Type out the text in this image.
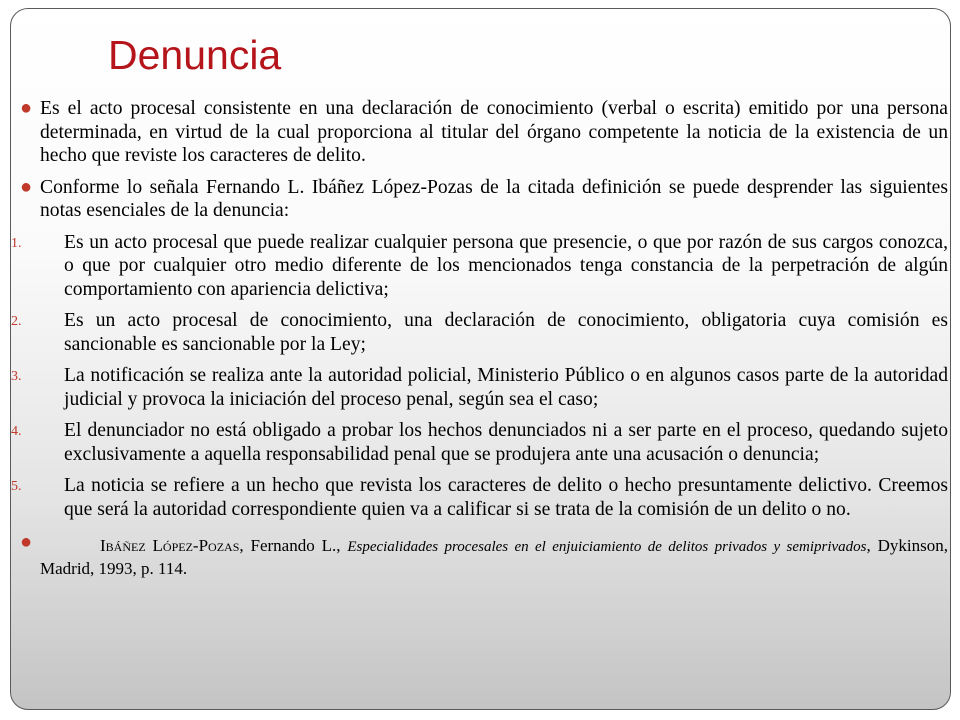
Denuncia
● Es el acto procesal consistente en una declaración de conocimiento (verbal o escrita) emitido por una persona determinada, en virtud de la cual proporciona al titular del órgano competente la noticia de la existencia de un hecho que reviste los caracteres de delito.
● Conforme lo señala Fernando L. Ibáñez López-Pozas de la citada definición se puede desprender las siguientes notas esenciales de la denuncia:
1. Es un acto procesal que puede realizar cualquier persona que presencie, o que por razón de sus cargos conozca, o que por cualquier otro medio diferente de los mencionados tenga constancia de la perpetración de algún comportamiento con apariencia delictiva;
2. Es un acto procesal de conocimiento, una declaración de conocimiento, obligatoria cuya comisión es sancionable es sancionable por la Ley;
3. La notificación se realiza ante la autoridad policial, Ministerio Público o en algunos casos parte de la autoridad judicial y provoca la iniciación del proceso penal, según sea el caso;
4. El denunciador no está obligado a probar los hechos denunciados ni a ser parte en el proceso, quedando sujeto exclusivamente a aquella responsabilidad penal que se produjera ante una acusación o denuncia;
5. La noticia se refiere a un hecho que revista los caracteres de delito o hecho presuntamente delictivo. Creemos que será la autoridad correspondiente quien va a calificar si se trata de la comisión de un delito o no.
●	Ibáñez López-Pozas, Fernando L., Especialidades procesales en el enjuiciamiento de delitos privados y semiprivados, Dykinson, Madrid, 1993, p. 114.
